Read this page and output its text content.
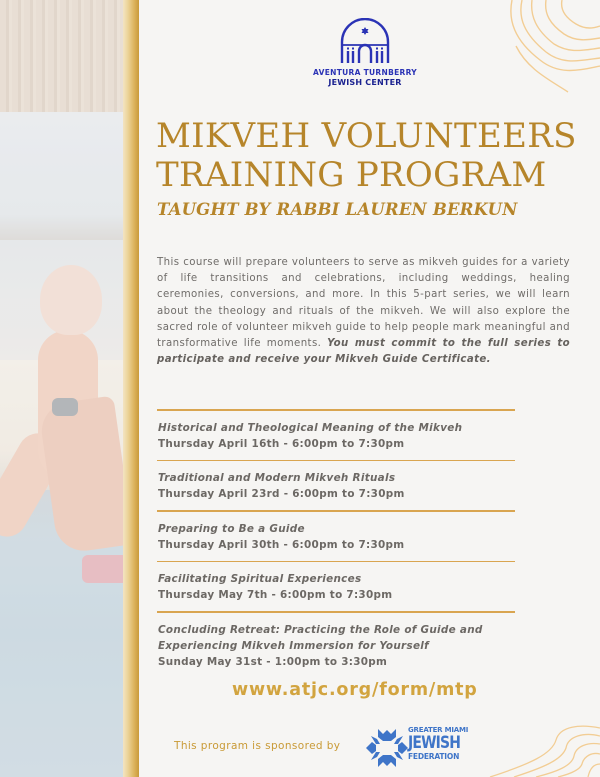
AVENTURA TURNBERRY
JEWISH CENTER
MIKVEH VOLUNTEERS
TRAINING PROGRAM
TAUGHT BY RABBI LAUREN BERKUN

This course will prepare volunteers to serve as mikveh guides for a variety of life transitions and celebrations, including weddings, healing ceremonies, conversions, and more. In this 5-part series, we will learn about the theology and rituals of the mikveh. We will also explore the sacred role of volunteer mikveh guide to help people mark meaningful and transformative life moments. You must commit to the full series to participate and receive your Mikveh Guide Certificate.

Historical and Theological Meaning of the Mikveh
Thursday April 16th - 6:00pm to 7:30pm
Traditional and Modern Mikveh Rituals
Thursday April 23rd - 6:00pm to 7:30pm
Preparing to Be a Guide
Thursday April 30th - 6:00pm to 7:30pm
Facilitating Spiritual Experiences
Thursday May 7th - 6:00pm to 7:30pm
Concluding Retreat: Practicing the Role of Guide and Experiencing Mikveh Immersion for Yourself
Sunday May 31st - 1:00pm to 3:30pm
www.atjc.org/form/mtp
This program is sponsored by
GREATER MIAMI
JEWISH
FEDERATION
